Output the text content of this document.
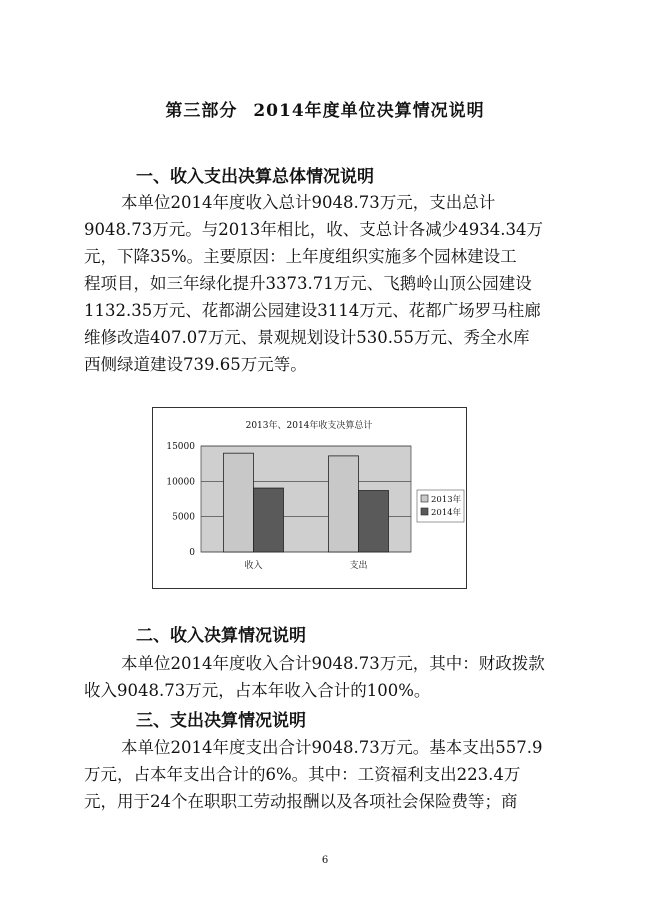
第三部分 2014年度单位决算情况说明
一、收入支出决算总体情况说明
本单位2014年度收入总计9048.73万元，支出总计
9048.73万元。与2013年相比，收、支总计各减少4934.34万
元，下降35%。主要原因：上年度组织实施多个园林建设工
程项目，如三年绿化提升3373.71万元、飞鹅岭山顶公园建设
1132.35万元、花都湖公园建设3114万元、花都广场罗马柱廊
维修改造407.07万元、景观规划设计530.55万元、秀全水库
西侧绿道建设739.65万元等。
2013年、2014年收支决算总计
0
5000
10000
15000
收入	支出
2013年
2014年
二、收入决算情况说明
本单位2014年度收入合计9048.73万元，其中：财政拨款
收入9048.73万元，占本年收入合计的100%。
三、支出决算情况说明
本单位2014年度支出合计9048.73万元。基本支出557.9
万元，占本年支出合计的6%。其中：工资福利支出223.4万
元，用于24个在职职工劳动报酬以及各项社会保险费等；商
6
